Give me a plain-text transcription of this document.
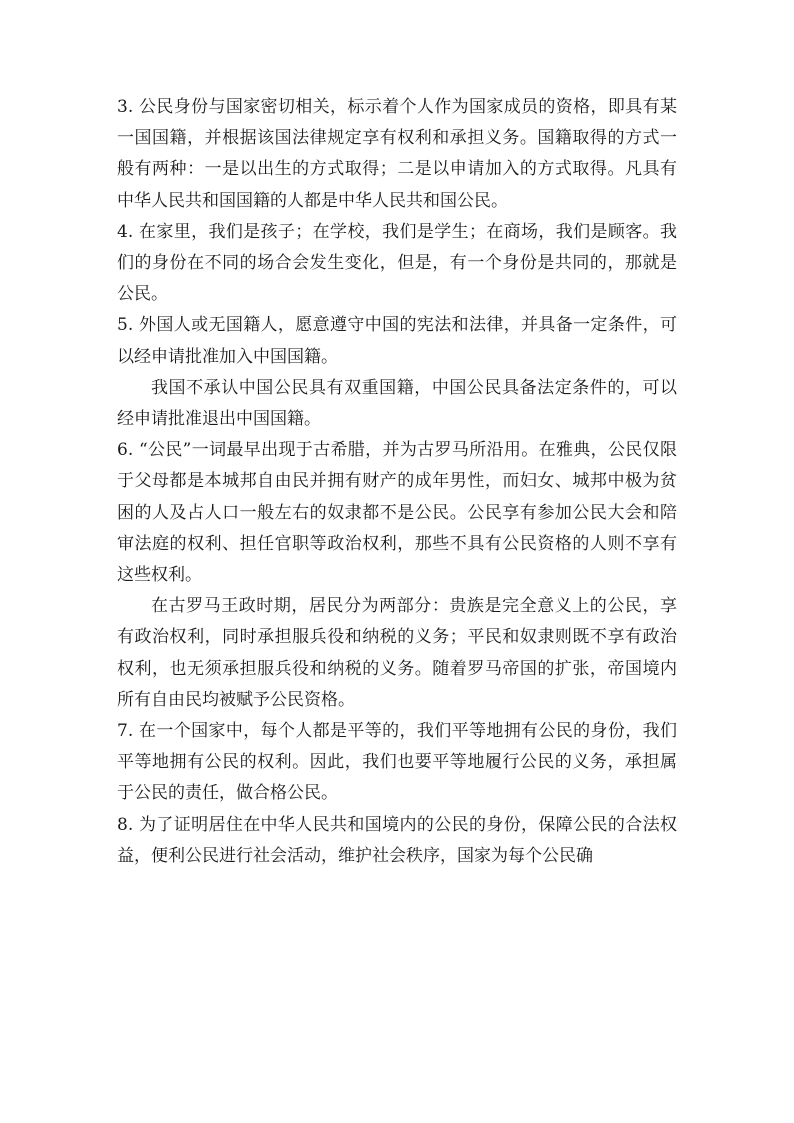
3. 公民身份与国家密切相关，标示着个人作为国家成员的资格，即具有某一国国籍，并根据该国法律规定享有权利和承担义务。国籍取得的方式一般有两种：一是以出生的方式取得；二是以申请加入的方式取得。凡具有中华人民共和国国籍的人都是中华人民共和国公民。

4. 在家里，我们是孩子；在学校，我们是学生；在商场，我们是顾客。我们的身份在不同的场合会发生变化，但是，有一个身份是共同的，那就是公民。

5. 外国人或无国籍人，愿意遵守中国的宪法和法律，并具备一定条件，可以经申请批准加入中国国籍。

我国不承认中国公民具有双重国籍，中国公民具备法定条件的，可以经申请批准退出中国国籍。

6. “公民”一词最早出现于古希腊，并为古罗马所沿用。在雅典，公民仅限于父母都是本城邦自由民并拥有财产的成年男性，而妇女、城邦中极为贫困的人及占人口一般左右的奴隶都不是公民。公民享有参加公民大会和陪审法庭的权利、担任官职等政治权利，那些不具有公民资格的人则不享有这些权利。

在古罗马王政时期，居民分为两部分：贵族是完全意义上的公民，享有政治权利，同时承担服兵役和纳税的义务；平民和奴隶则既不享有政治权利，也无须承担服兵役和纳税的义务。随着罗马帝国的扩张，帝国境内所有自由民均被赋予公民资格。

7. 在一个国家中，每个人都是平等的，我们平等地拥有公民的身份，我们平等地拥有公民的权利。因此，我们也要平等地履行公民的义务，承担属于公民的责任，做合格公民。

8. 为了证明居住在中华人民共和国境内的公民的身份，保障公民的合法权益，便利公民进行社会活动，维护社会秩序，国家为每个公民确
